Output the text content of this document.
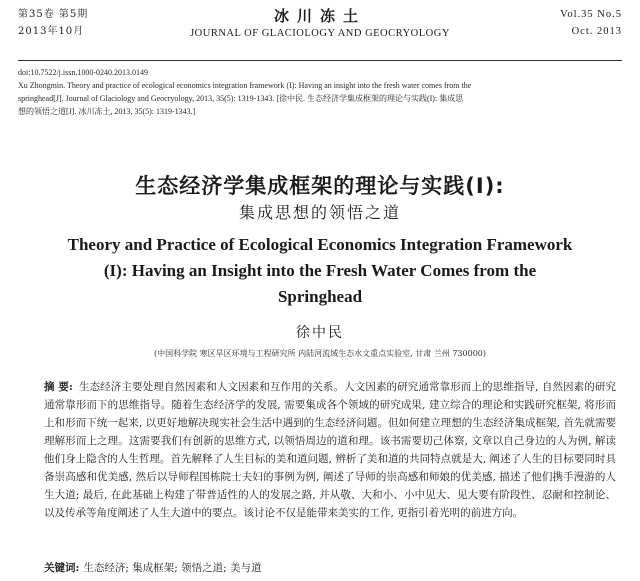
第35卷 第5期
2013年10月
冰川冻土
JOURNAL OF GLACIOLOGY AND GEOCRYOLOGY
Vol.35 No.5
Oct. 2013
doi:10.7522/j.issn.1000-0240.2013.0149
Xu Zhongmin. Theory and practice of ecological economics integration framework (I): Having an insight into the fresh water comes from the
springhead[J]. Journal of Glaciology and Geocryology, 2013, 35(5): 1319-1343. [徐中民. 生态经济学集成框架的理论与实践(I): 集成思
想的领悟之道[J]. 冰川冻土, 2013, 35(5): 1319-1343.]
生态经济学集成框架的理论与实践(I):
集成思想的领悟之道
Theory and Practice of Ecological Economics Integration Framework (I): Having an Insight into the Fresh Water Comes from the Springhead
徐中民
(中国科学院 寒区旱区环境与工程研究所 内陆河流域生态水文重点实验室, 甘肃 兰州 730000)
摘 要: 生态经济主要处理自然因素和人文因素和互作用的关系。人文因素的研究通常靠形而上的思维指导, 自然因素的研究通常靠形而下的思维指导。随着生态经济学的发展, 需要集成各个领域的研究成果, 建立综合的理论和实践研究框架, 将形而上和形而下统一起来, 以更好地解决现实社会生活中遇到的生态经济问题。但如何建立理想的生态经济集成框架, 首先就需要理解形而上之理。这需要我们有创新的思维方式, 以领悟周边的道和理。该书需要切己体察, 文章以自己身边的人为例, 解读他们身上隐含的人生哲理。首先解释了人生目标的美和道问题, 辨析了美和道的共同特点就是大, 阐述了人生的目标要同时具备崇高感和优美感, 然后以导师程国栋院士夫妇的事例为例, 阐述了导师的崇高感和师娘的优美感, 描述了他们携手漫游的人生大道; 最后, 在此基础上构建了带普适性的人的发展之路, 并从敬、大和小、小中见大、见大要有阶段性、忍耐和控制论、以及传承等角度阐述了人生大道中的要点。该讨论不仅是能带来美实的工作, 更指引着光明的前进方向。
关键词: 生态经济; 集成框架; 领悟之道; 美与道
